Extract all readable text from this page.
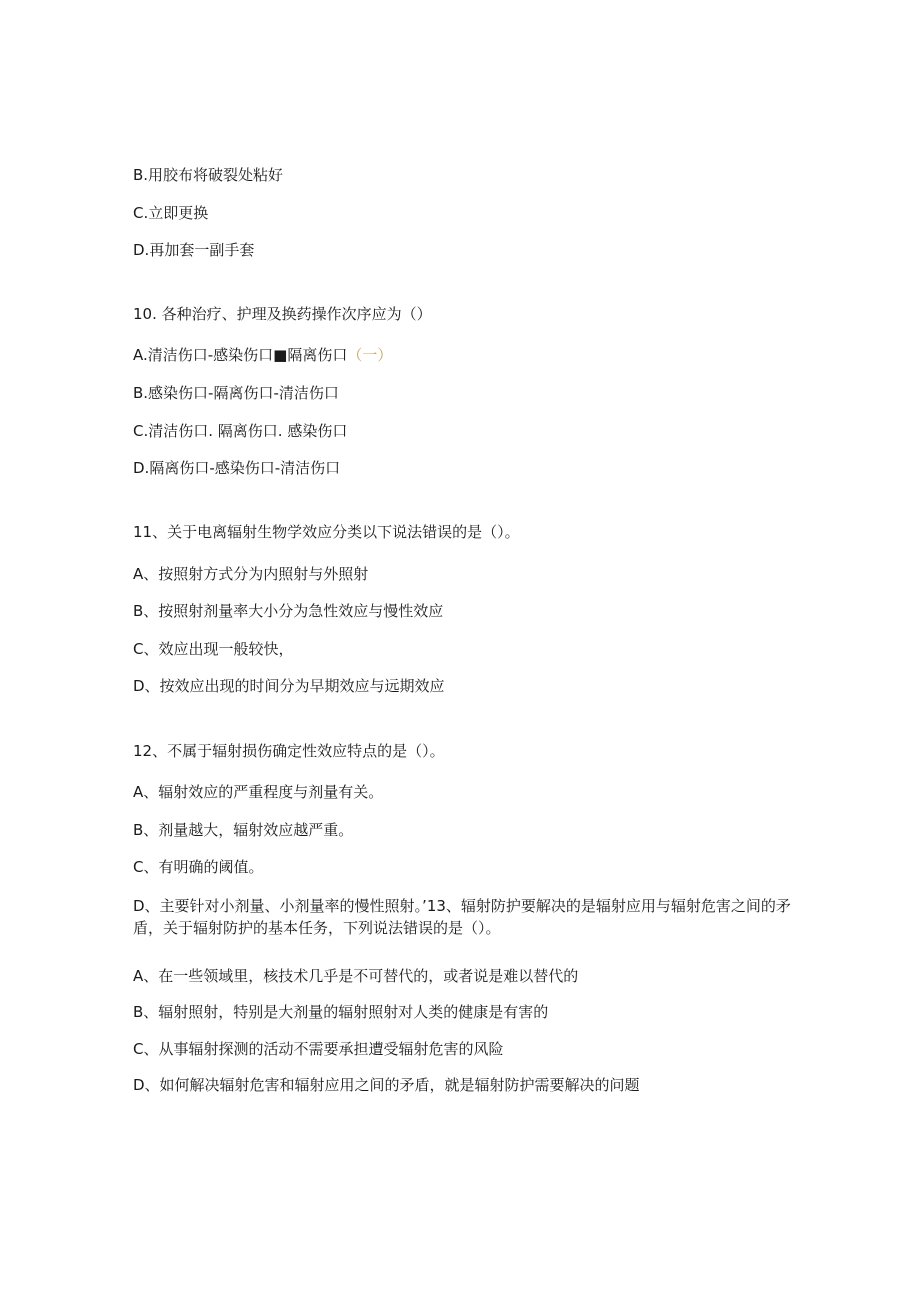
B.用胶布将破裂处粘好
C.立即更换
D.再加套一副手套
10. 各种治疗、护理及换药操作次序应为（）
A.清洁伤口-感染伤口■隔离伤口（一）
B.感染伤口-隔离伤口-清洁伤口
C.清洁伤口. 隔离伤口. 感染伤口
D.隔离伤口-感染伤口-清洁伤口
11、关于电离辐射生物学效应分类以下说法错误的是（）。
A、按照射方式分为内照射与外照射
B、按照射剂量率大小分为急性效应与慢性效应
C、效应出现一般较快，
D、按效应出现的时间分为早期效应与远期效应
12、不属于辐射损伤确定性效应特点的是（）。
A、辐射效应的严重程度与剂量有关。
B、剂量越大，辐射效应越严重。
C、有明确的阈值。
D、主要针对小剂量、小剂量率的慢性照射。’13、辐射防护要解决的是辐射应用与辐射危害之间的矛盾，关于辐射防护的基本任务，下列说法错误的是（）。
A、在一些领域里，核技术几乎是不可替代的，或者说是难以替代的
B、辐射照射，特别是大剂量的辐射照射对人类的健康是有害的
C、从事辐射探测的活动不需要承担遭受辐射危害的风险
D、如何解决辐射危害和辐射应用之间的矛盾，就是辐射防护需要解决的问题
